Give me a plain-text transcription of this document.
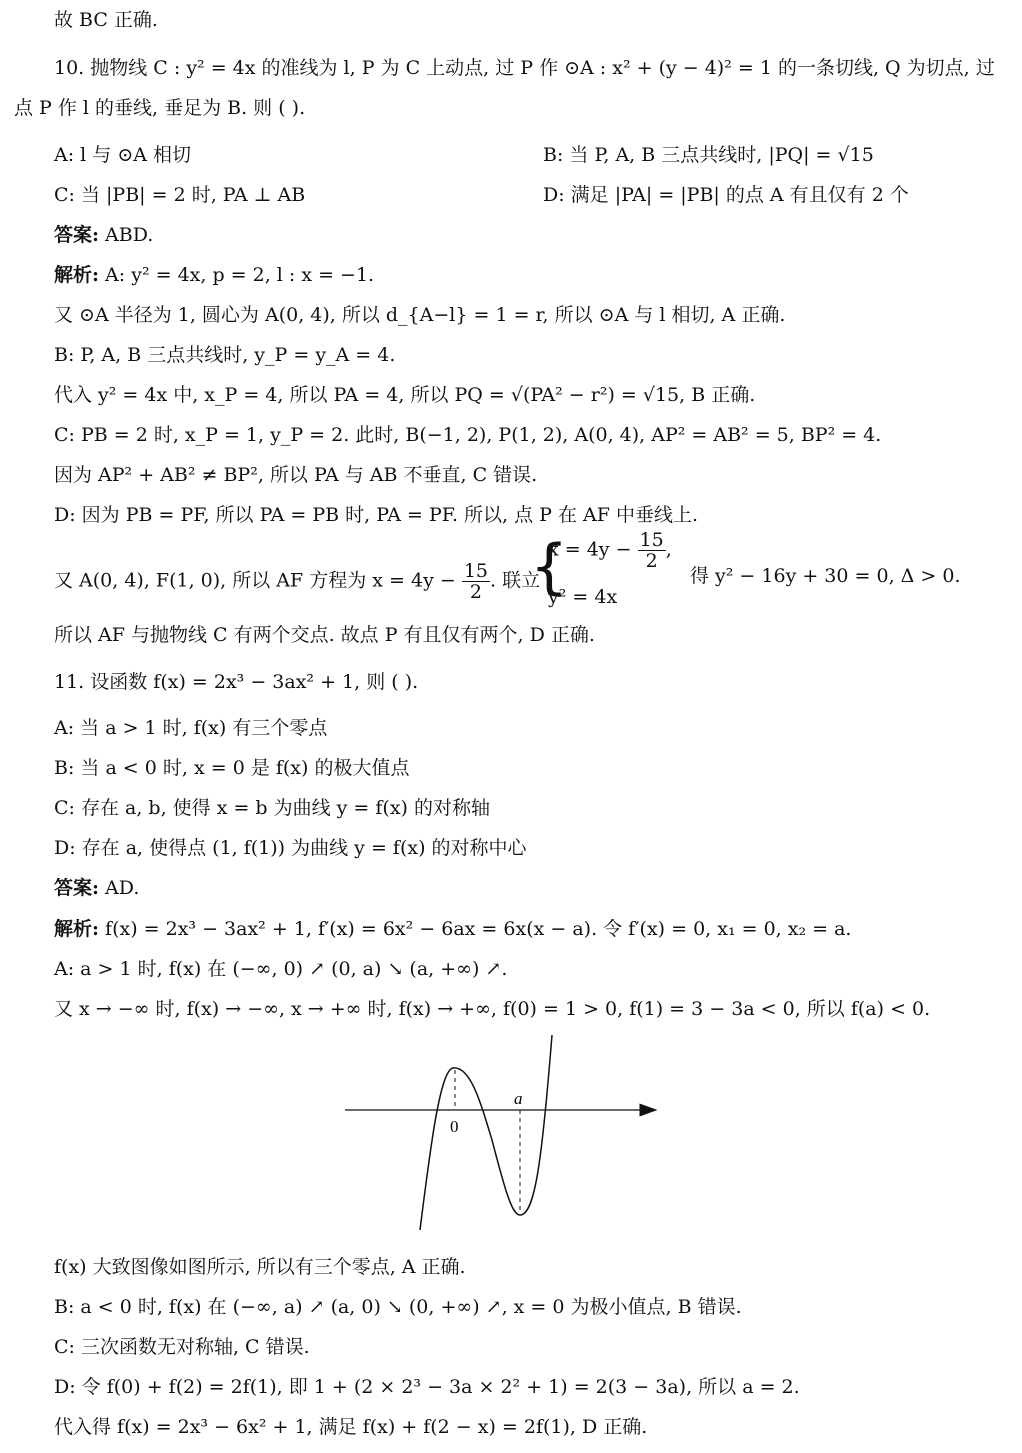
故 BC 正确.
10. 抛物线 C : y² = 4x 的准线为 l, P 为 C 上动点, 过 P 作 ⊙A : x² + (y − 4)² = 1 的一条切线, Q 为切点, 过
点 P 作 l 的垂线, 垂足为 B. 则 ( ).
A: l 与 ⊙A 相切	B: 当 P, A, B 三点共线时, |PQ| = √15
C: 当 |PB| = 2 时, PA ⊥ AB	D: 满足 |PA| = |PB| 的点 A 有且仅有 2 个
答案: ABD.
解析: A: y² = 4x, p = 2, l : x = −1.
又 ⊙A 半径为 1, 圆心为 A(0, 4), 所以 d_{A−l} = 1 = r, 所以 ⊙A 与 l 相切, A 正确.
B: P, A, B 三点共线时, y_P = y_A = 4.
代入 y² = 4x 中, x_P = 4, 所以 PA = 4, 所以 PQ = √(PA² − r²) = √15, B 正确.
C: PB = 2 时, x_P = 1, y_P = 2. 此时, B(−1, 2), P(1, 2), A(0, 4), AP² = AB² = 5, BP² = 4.
因为 AP² + AB² ≠ BP², 所以 PA 与 AB 不垂直, C 错误.
D: 因为 PB = PF, 所以 PA = PB 时, PA = PF. 所以, 点 P 在 AF 中垂线上.
又 A(0, 4), F(1, 0), 所以 AF 方程为 $x = 4y - \frac{15}{2}$ . 联立
{
$x = 4y - \frac{15}{2}$ ,
y² = 4x
得 y² − 16y + 30 = 0, Δ > 0.
所以 AF 与抛物线 C 有两个交点. 故点 P 有且仅有两个, D 正确.
11. 设函数 f(x) = 2x³ − 3ax² + 1, 则 ( ).
A: 当 a > 1 时, f(x) 有三个零点
B: 当 a < 0 时, x = 0 是 f(x) 的极大值点
C: 存在 a, b, 使得 x = b 为曲线 y = f(x) 的对称轴
D: 存在 a, 使得点 (1, f(1)) 为曲线 y = f(x) 的对称中心
答案: AD.
解析: f(x) = 2x³ − 3ax² + 1, f′(x) = 6x² − 6ax = 6x(x − a). 令 f′(x) = 0, x₁ = 0, x₂ = a.
A: a > 1 时, f(x) 在 (−∞, 0) ↗ (0, a) ↘ (a, +∞) ↗.
又 x → −∞ 时, f(x) → −∞, x → +∞ 时, f(x) → +∞, f(0) = 1 > 0, f(1) = 3 − 3a < 0, 所以 f(a) < 0.
0
a
f(x) 大致图像如图所示, 所以有三个零点, A 正确.
B: a < 0 时, f(x) 在 (−∞, a) ↗ (a, 0) ↘ (0, +∞) ↗, x = 0 为极小值点, B 错误.
C: 三次函数无对称轴, C 错误.
D: 令 f(0) + f(2) = 2f(1), 即 1 + (2 × 2³ − 3a × 2² + 1) = 2(3 − 3a), 所以 a = 2.
代入得 f(x) = 2x³ − 6x² + 1, 满足 f(x) + f(2 − x) = 2f(1), D 正确.
